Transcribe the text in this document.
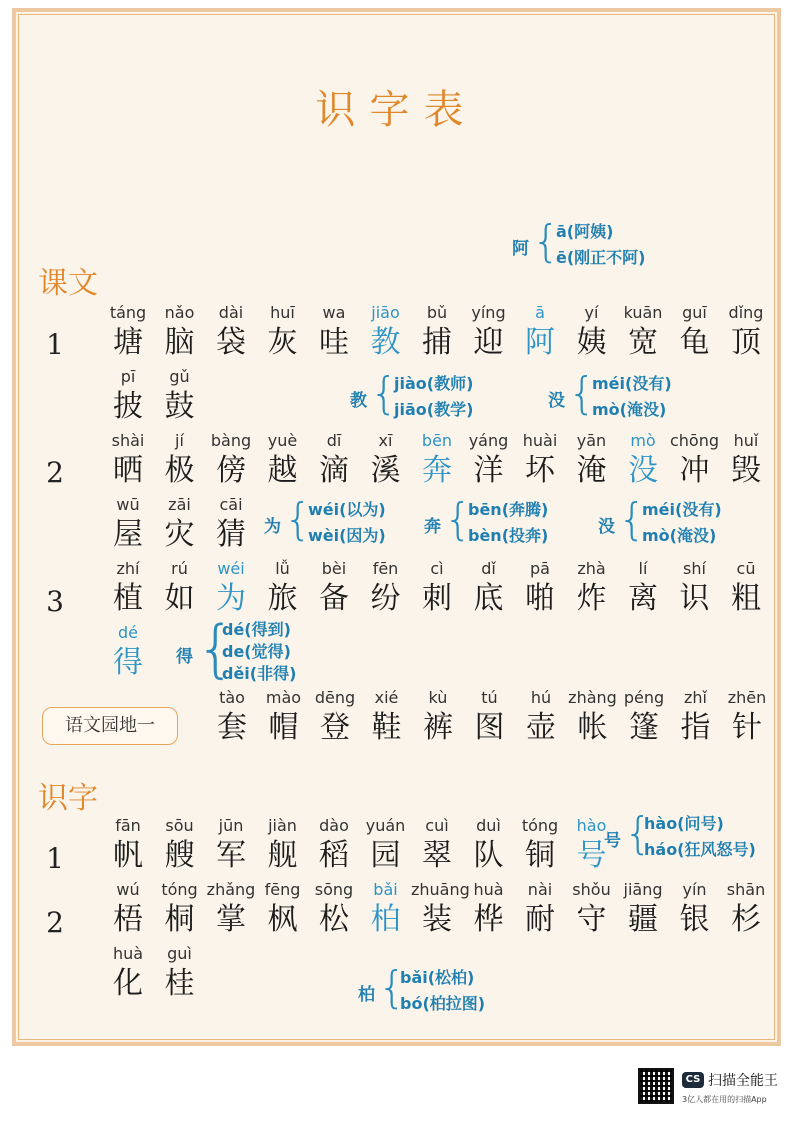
识字表
课文
识字
1
2
3
1
2
语文园地一
táng
塘
nǎo
脑
dài
袋
huī
灰
wa
哇
jiāo
教
bǔ
捕
yíng
迎
ā
阿
yí
姨
kuān
宽
guī
龟
dǐng
顶
pī
披
gǔ
鼓
shài
晒
jí
极
bàng
傍
yuè
越
dī
滴
xī
溪
bēn
奔
yáng
洋
huài
坏
yān
淹
mò
没
chōng
冲
huǐ
毁
wū
屋
zāi
灾
cāi
猜
zhí
植
rú
如
wéi
为
lǚ
旅
bèi
备
fēn
纷
cì
刺
dǐ
底
pā
啪
zhà
炸
lí
离
shí
识
cū
粗
dé
得
tào
套
mào
帽
dēng
登
xié
鞋
kù
裤
tú
图
hú
壶
zhàng
帐
péng
篷
zhǐ
指
zhēn
针
fān
帆
sōu
艘
jūn
军
jiàn
舰
dào
稻
yuán
园
cuì
翠
duì
队
tóng
铜
hào
号
wú
梧
tóng
桐
zhǎng
掌
fēng
枫
sōng
松
bǎi
柏
zhuāng
装
huà
桦
nài
耐
shǒu
守
jiāng
疆
yín
银
shān
杉
huà
化
guì
桂
阿 {
ā(阿姨)
ē(刚正不阿)
教 {
jiào(教师)
jiāo(教学)	没 {
méi(没有)
mò(淹没)
为 {
wéi(以为)
wèi(因为) 奔 {
bēn(奔腾)
bèn(投奔)	没 {
méi(没有)
mò(淹没)
得 {
dé(得到)
de(觉得)
děi(非得)
号 {
hào(问号)
háo(狂风怒号)
柏 {
bǎi(松柏)
bó(柏拉图)
CS 扫描全能王
3亿人都在用的扫描App
